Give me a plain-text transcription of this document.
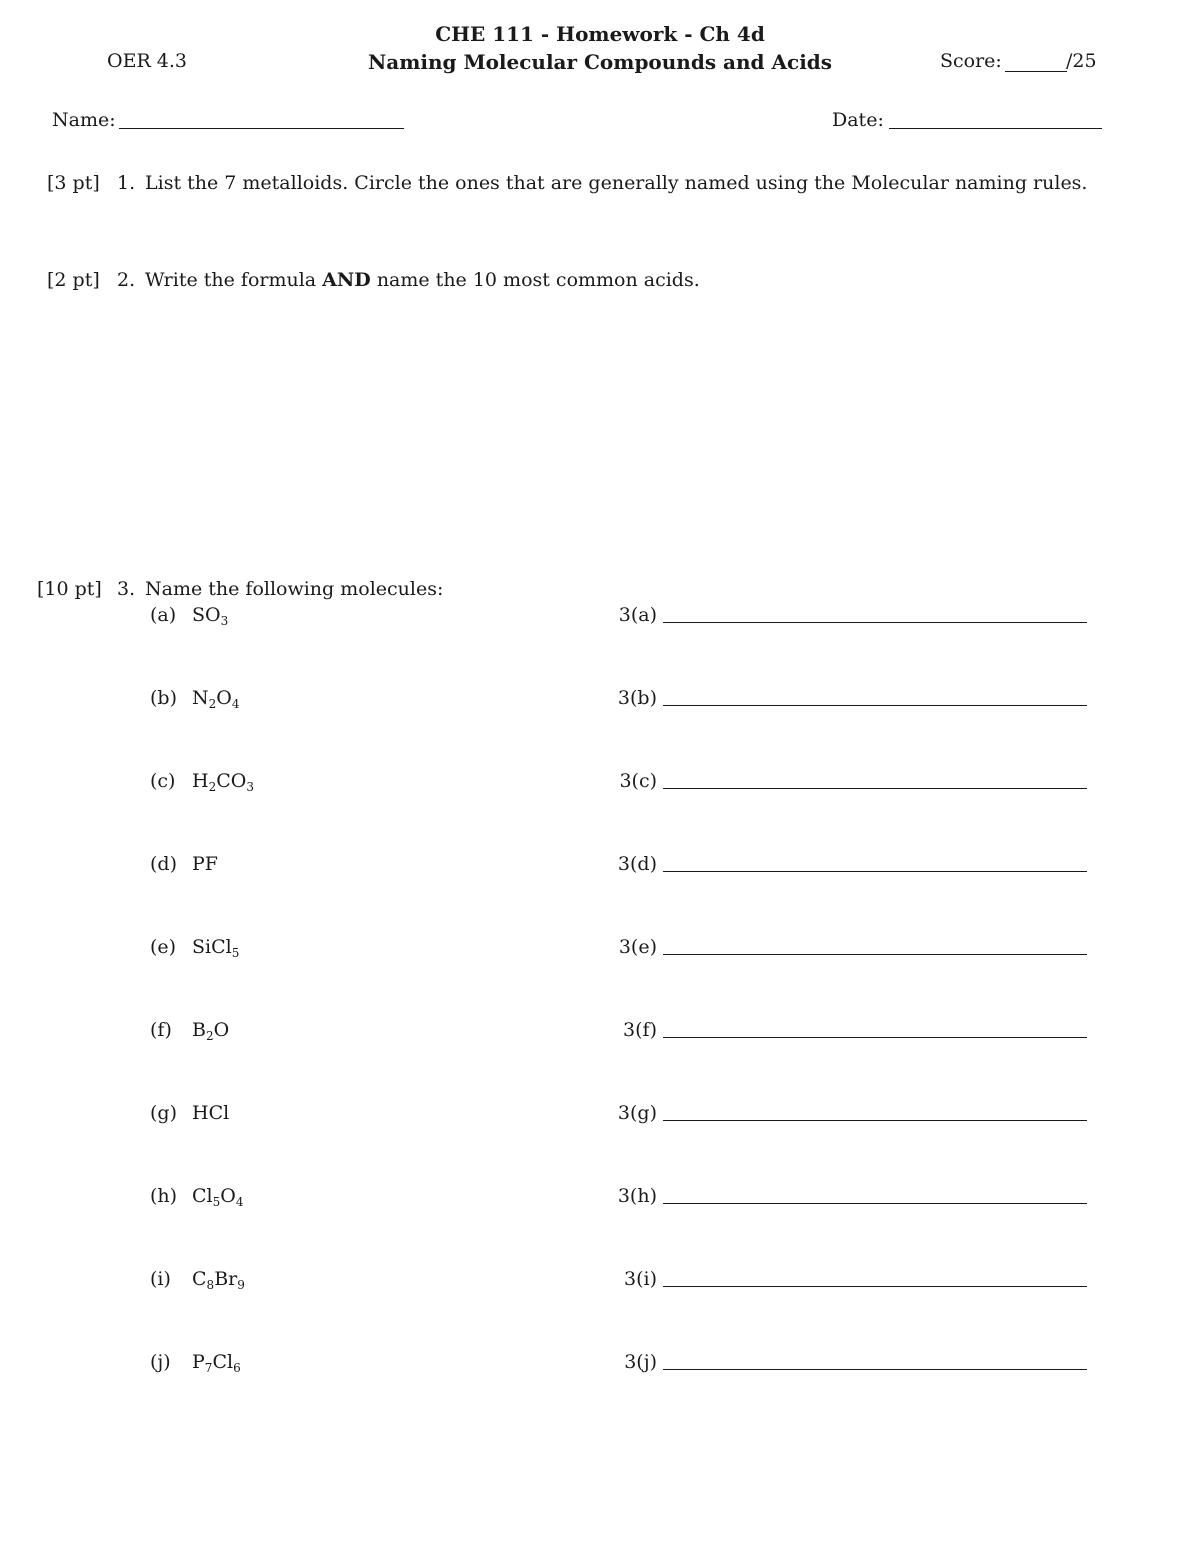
CHE 111 - Homework - Ch 4d
OER 4.3	Naming Molecular Compounds and Acids	Score:	/25
Name:	Date:
[3 pt] 1. List the 7 metalloids. Circle the ones that are generally named using the Molecular naming rules.
[2 pt] 2. Write the formula AND name the 10 most common acids.
[10 pt] 3. Name the following molecules:
(a) $SO_3$	3(a)
(b) $N_2O_4$	3(b)
(c) $H_2CO_3$	3(c)
(d) PF	3(d)
(e) SiCl$_5$	3(e)
(f) $B_2O$	3(f)
(g) HCl	3(g)
(h) $Cl_5O_4$	3(h)
(i) $C_8Br_9$	3(i)
(j) $P_7Cl_6$	3(j)
